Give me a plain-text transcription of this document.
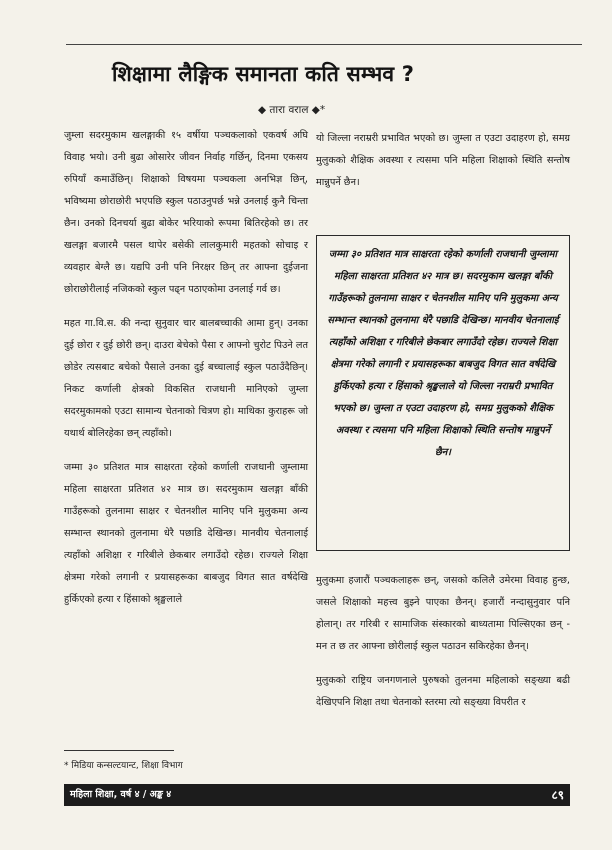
शिक्षामा लैङ्गिक समानता कति सम्भव ?
◆ तारा वराल ◆*

जुम्ला सदरमुकाम खलङ्गाकी १५ वर्षीया पञ्चकलाको एकवर्ष अघि विवाह भयो। उनी बुढा ओसारेर जीवन निर्वाह गर्छिन्, दिनमा एकसय रुपियाँ कमाउँछिन्। शिक्षाको विषयमा पञ्चकला अनभिज्ञ छिन्, भविष्यमा छोराछोरी भएपछि स्कुल पठाउनुपर्छ भन्ने उनलाई कुनै चिन्ता छैन। उनको दिनचर्या बुढा बोकेर भरियाको रूपमा बितिरहेको छ। तर खलङ्गा बजारमै पसल थापेर बसेकी लालकुमारी महतको सोचाइ र व्यवहार बेग्लै छ। यद्यपि उनी पनि निरक्षर छिन् तर आफ्ना दुईजना छोराछोरीलाई नजिकको स्कुल पढ्न पठाएकोमा उनलाई गर्व छ।

महत गा.वि.स. की नन्दा सुनुवार चार बालबच्चाकी आमा हुन्। उनका दुई छोरा र दुई छोरी छन्। दाउरा बेचेको पैसा र आफ्नो चुरोट पिउने लत छोडेर त्यसबाट बचेको पैसाले उनका दुई बच्चालाई स्कुल पठाउँदैछिन्। निकट कर्णाली क्षेत्रको विकसित राजधानी मानिएको जुम्ला सदरमुकामको एउटा सामान्य चेतनाको चित्रण हो। माथिका कुराहरू जो यथार्थ बोलिरहेका छन् त्यहाँको।

जम्मा ३० प्रतिशत मात्र साक्षरता रहेको कर्णाली राजधानी जुम्लामा महिला साक्षरता प्रतिशत ४२ मात्र छ। सदरमुकाम खलङ्गा बाँकी गाउँहरूको तुलनामा साक्षर र चेतनशील मानिए पनि मुलुकमा अन्य सम्भान्त स्थानको तुलनामा धेरै पछाडि देखिन्छ। मानवीय चेतनालाई त्यहाँको अशिक्षा र गरिबीले छेकबार लगाउँदो रहेछ। राज्यले शिक्षा क्षेत्रमा गरेको लगानी र प्रयासहरूका बाबजुद विगत सात वर्षदेखि हुर्किएको हत्या र हिंसाको श्रृङ्खलाले

यो जिल्ला नराम्ररी प्रभावित भएको छ। जुम्ला त एउटा उदाहरण हो, समग्र मुलुकको शैक्षिक अवस्था र त्यसमा पनि महिला शिक्षाको स्थिति सन्तोष मान्नुपर्ने छैन।

जम्मा ३० प्रतिशत मात्र साक्षरता रहेको कर्णाली राजधानी जुम्लामा महिला साक्षरता प्रतिशत ४२ मात्र छ। सदरमुकाम खलङ्गा बाँकी गाउँहरूको तुलनामा साक्षर र चेतनशील मानिए पनि मुलुकमा अन्य सम्भान्त स्थानको तुलनामा धेरै पछाडि देखिन्छ। मानवीय चेतनालाई त्यहाँको अशिक्षा र गरिबीले छेकबार लगाउँदो रहेछ। राज्यले शिक्षा क्षेत्रमा गरेको लगानी र प्रयासहरूका बाबजुद विगत सात वर्षदेखि हुर्किएको हत्या र हिंसाको श्रृङ्खलाले यो जिल्ला नराम्ररी प्रभावित भएको छ। जुम्ला त एउटा उदाहरण हो, समग्र मुलुकको शैक्षिक अवस्था र त्यसमा पनि महिला शिक्षाको स्थिति सन्तोष मान्नुपर्ने छैन।

मुलुकमा हजारौं पञ्चकलाहरू छन्, जसको कलिलै उमेरमा विवाह हुन्छ, जसले शिक्षाको महत्त्व बुझ्ने पाएका छैनन्। हजारौं नन्दासुनुवार पनि होलान्। तर गरिबी र सामाजिक संस्कारको बाध्यतामा पिल्सिएका छन्‌ - मन त छ तर आफ्ना छोरीलाई स्कुल पठाउन सकिरहेका छैनन्।

मुलुकको राष्ट्रिय जनगणनाले पुरुषको तुलनमा महिलाको सङ्ख्या बढी देखिएपनि शिक्षा तथा चेतनाको स्तरमा त्यो सङ्ख्या विपरीत र

* मिडिया कन्सल्टयान्ट, शिक्षा विभाग
महिला शिक्षा, वर्ष ४ / अङ्क ४	८९
